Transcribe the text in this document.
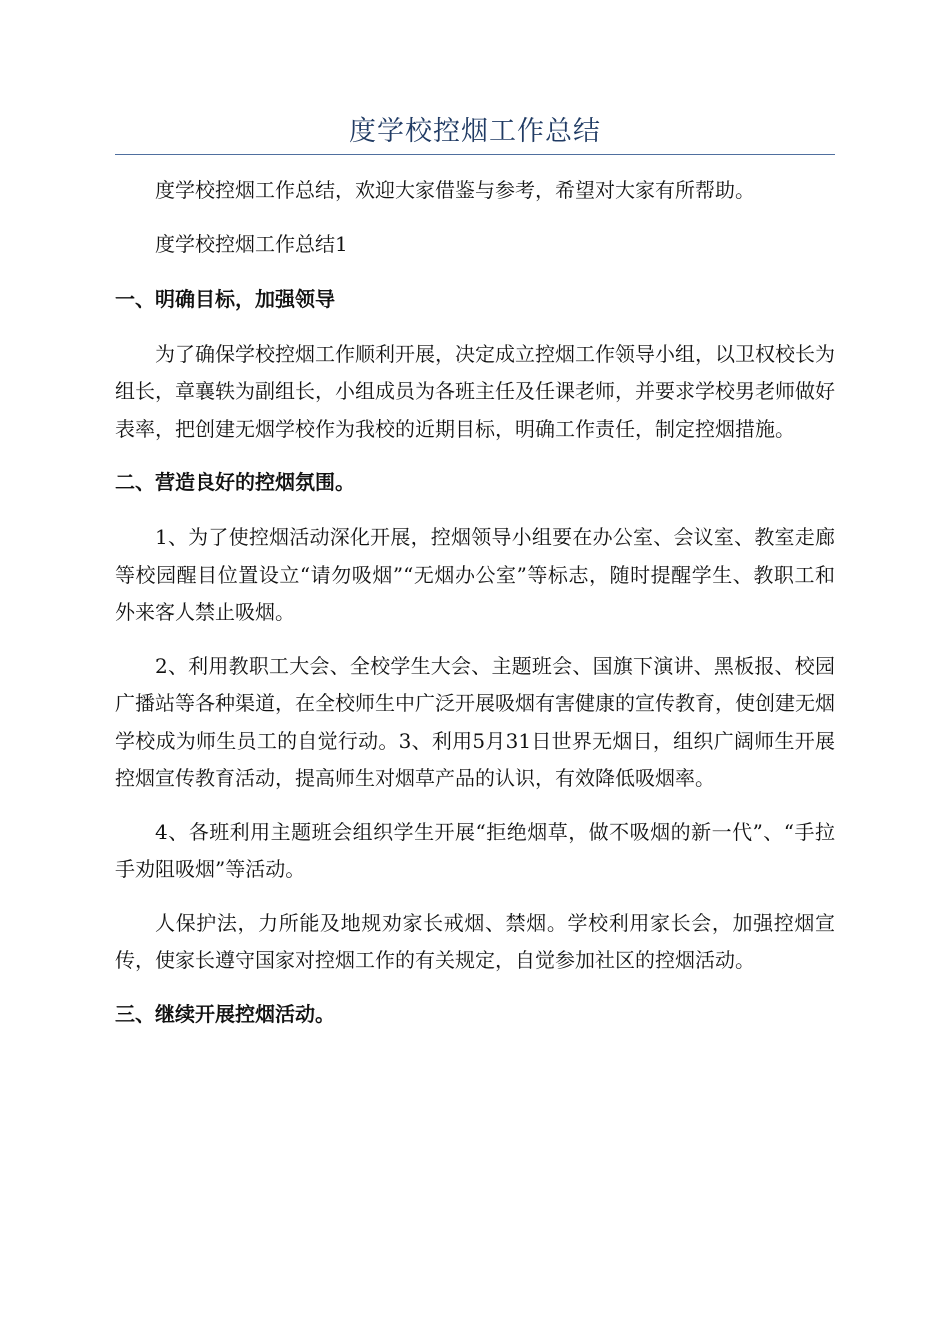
度学校控烟工作总结

度学校控烟工作总结，欢迎大家借鉴与参考，希望对大家有所帮助。

度学校控烟工作总结1

一、明确目标，加强领导

为了确保学校控烟工作顺利开展，决定成立控烟工作领导小组，以卫权校长为组长，章襄轶为副组长，小组成员为各班主任及任课老师，并要求学校男老师做好表率，把创建无烟学校作为我校的近期目标，明确工作责任，制定控烟措施。

二、营造良好的控烟氛围。

1、为了使控烟活动深化开展，控烟领导小组要在办公室、会议室、教室走廊等校园醒目位置设立“请勿吸烟”“无烟办公室”等标志，随时提醒学生、教职工和外来客人禁止吸烟。

2、利用教职工大会、全校学生大会、主题班会、国旗下演讲、黑板报、校园广播站等各种渠道，在全校师生中广泛开展吸烟有害健康的宣传教育，使创建无烟学校成为师生员工的自觉行动。3、利用5月31日世界无烟日，组织广阔师生开展控烟宣传教育活动，提高师生对烟草产品的认识，有效降低吸烟率。

4、各班利用主题班会组织学生开展“拒绝烟草，做不吸烟的新一代”、“手拉手劝阻吸烟”等活动。

人保护法，力所能及地规劝家长戒烟、禁烟。学校利用家长会，加强控烟宣传，使家长遵守国家对控烟工作的有关规定，自觉参加社区的控烟活动。

三、继续开展控烟活动。
